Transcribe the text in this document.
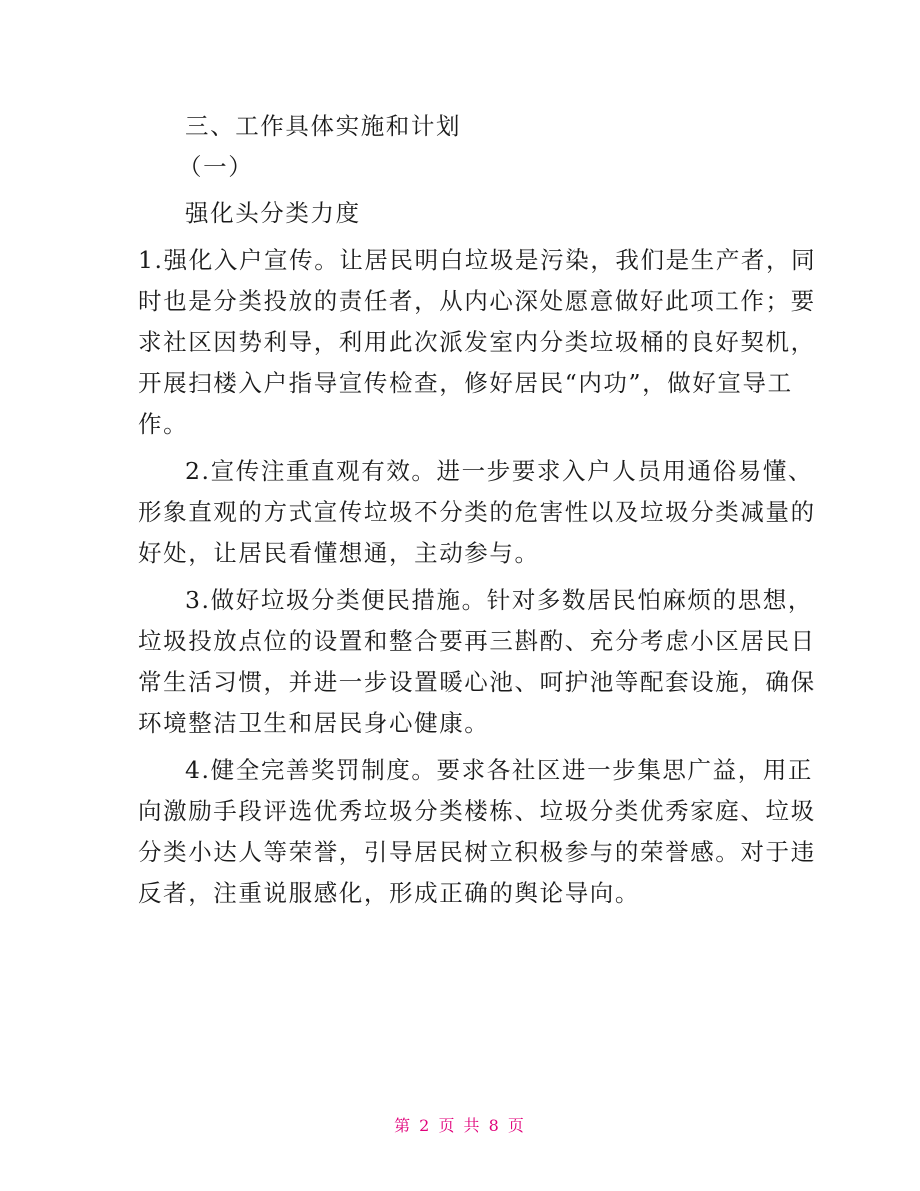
三、工作具体实施和计划
（一）
强化头分类力度
1.强化入户宣传。让居民明白垃圾是污染，我们是生产者，同
时也是分类投放的责任者，从内心深处愿意做好此项工作；要
求社区因势利导，利用此次派发室内分类垃圾桶的良好契机，
开展扫楼入户指导宣传检查，修好居民“内功”，做好宣导工
作。
2.宣传注重直观有效。进一步要求入户人员用通俗易懂、
形象直观的方式宣传垃圾不分类的危害性以及垃圾分类减量的
好处，让居民看懂想通，主动参与。
3.做好垃圾分类便民措施。针对多数居民怕麻烦的思想，
垃圾投放点位的设置和整合要再三斟酌、充分考虑小区居民日
常生活习惯，并进一步设置暖心池、呵护池等配套设施，确保
环境整洁卫生和居民身心健康。
4.健全完善奖罚制度。要求各社区进一步集思广益，用正
向激励手段评选优秀垃圾分类楼栋、垃圾分类优秀家庭、垃圾
分类小达人等荣誉，引导居民树立积极参与的荣誉感。对于违
反者，注重说服感化，形成正确的舆论导向。
第 2 页 共 8 页
